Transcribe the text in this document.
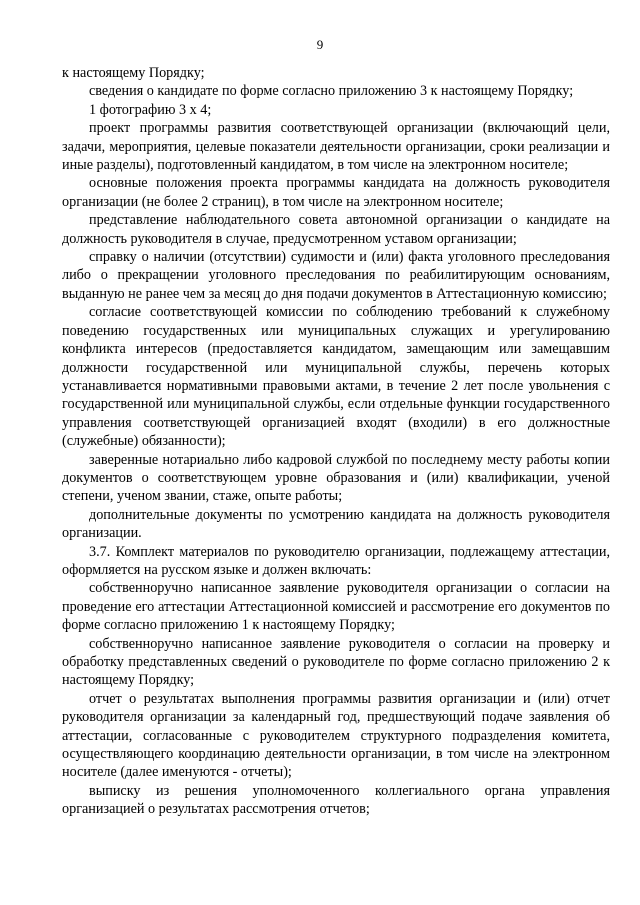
9

к настоящему Порядку;

сведения о кандидате по форме согласно приложению 3 к настоящему Порядку;

1 фотографию 3 х 4;

проект программы развития соответствующей организации (включающий цели, задачи, мероприятия, целевые показатели деятельности организации, сроки реализации и иные разделы), подготовленный кандидатом, в том числе на электронном носителе;

основные положения проекта программы кандидата на должность руководителя организации (не более 2 страниц), в том числе на электронном носителе;

представление наблюдательного совета автономной организации о кандидате на должность руководителя в случае, предусмотренном уставом организации;

справку о наличии (отсутствии) судимости и (или) факта уголовного преследования либо о прекращении уголовного преследования по реабилитирующим основаниям, выданную не ранее чем за месяц до дня подачи документов в Аттестационную комиссию;

согласие соответствующей комиссии по соблюдению требований к служебному поведению государственных или муниципальных служащих и урегулированию конфликта интересов (предоставляется кандидатом, замещающим или замещавшим должности государственной или муниципальной службы, перечень которых устанавливается нормативными правовыми актами, в течение 2 лет после увольнения с государственной или муниципальной службы, если отдельные функции государственного управления соответствующей организацией входят (входили) в его должностные (служебные) обязанности);

заверенные нотариально либо кадровой службой по последнему месту работы копии документов о соответствующем уровне образования и (или) квалификации, ученой степени, ученом звании, стаже, опыте работы;

дополнительные документы по усмотрению кандидата на должность руководителя организации.

3.7. Комплект материалов по руководителю организации, подлежащему аттестации, оформляется на русском языке и должен включать:

собственноручно написанное заявление руководителя организации о согласии на проведение его аттестации Аттестационной комиссией и рассмотрение его документов по форме согласно приложению 1 к настоящему Порядку;

собственноручно написанное заявление руководителя о согласии на проверку и обработку представленных сведений о руководителе по форме согласно приложению 2 к настоящему Порядку;

отчет о результатах выполнения программы развития организации и (или) отчет руководителя организации за календарный год, предшествующий подаче заявления об аттестации, согласованные с руководителем структурного подразделения комитета, осуществляющего координацию деятельности организации, в том числе на электронном носителе (далее именуются - отчеты);

выписку из решения уполномоченного коллегиального органа управления организацией о результатах рассмотрения отчетов;
